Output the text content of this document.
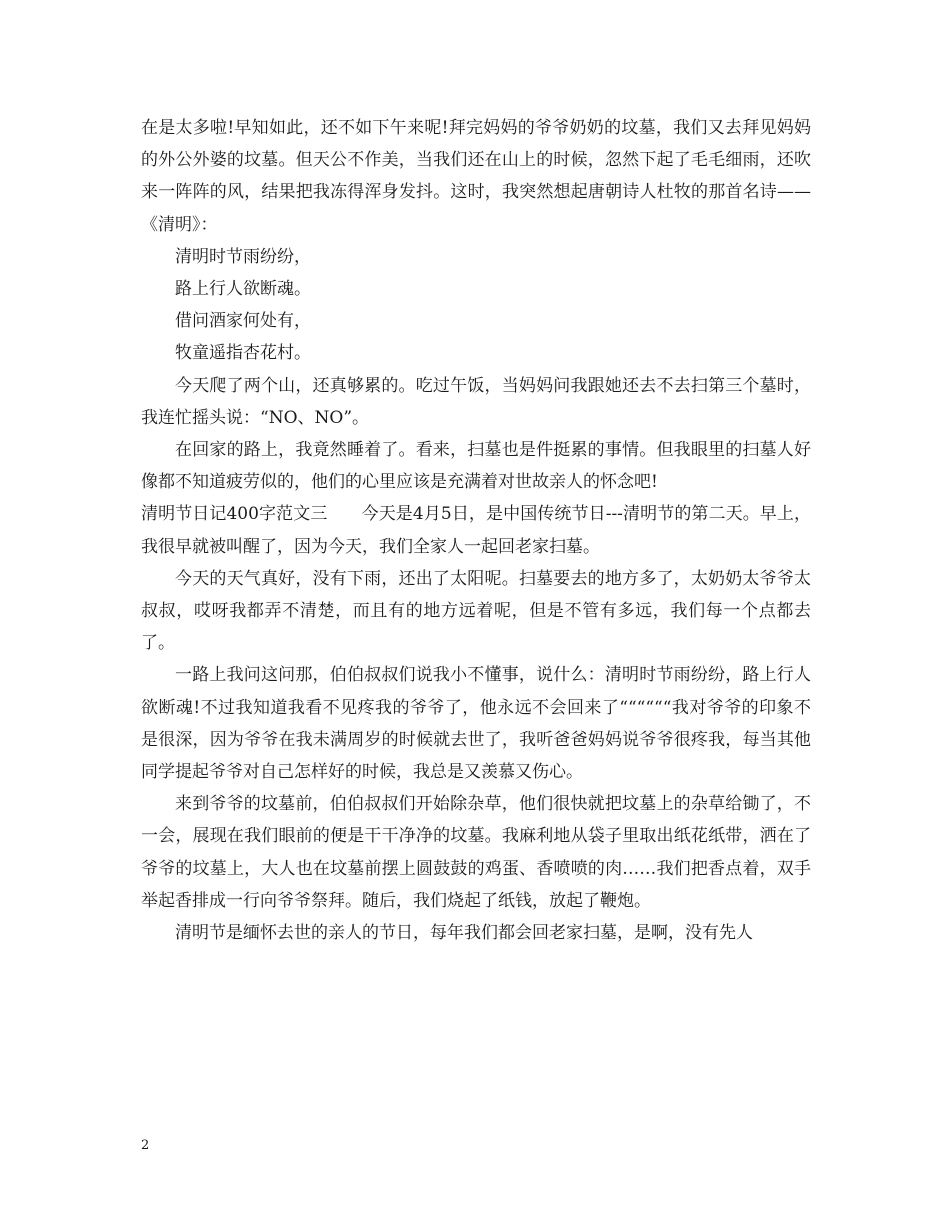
在是太多啦!早知如此，还不如下午来呢!拜完妈妈的爷爷奶奶的坟墓，我们又去拜见妈妈的外公外婆的坟墓。但天公不作美，当我们还在山上的时候，忽然下起了毛毛细雨，还吹来一阵阵的风，结果把我冻得浑身发抖。这时，我突然想起唐朝诗人杜牧的那首名诗——《清明》：

清明时节雨纷纷，

路上行人欲断魂。

借问酒家何处有，

牧童遥指杏花村。

今天爬了两个山，还真够累的。吃过午饭，当妈妈问我跟她还去不去扫第三个墓时，我连忙摇头说：“NO、NO”。

在回家的路上，我竟然睡着了。看来，扫墓也是件挺累的事情。但我眼里的扫墓人好像都不知道疲劳似的，他们的心里应该是充满着对世故亲人的怀念吧!

清明节日记400字范文三　　今天是4月5日，是中国传统节日---清明节的第二天。早上，我很早就被叫醒了，因为今天，我们全家人一起回老家扫墓。

今天的天气真好，没有下雨，还出了太阳呢。扫墓要去的地方多了，太奶奶太爷爷太叔叔，哎呀我都弄不清楚，而且有的地方远着呢，但是不管有多远，我们每一个点都去了。

一路上我问这问那，伯伯叔叔们说我小不懂事，说什么：清明时节雨纷纷，路上行人欲断魂!不过我知道我看不见疼我的爷爷了，他永远不会回来了““““““我对爷爷的印象不是很深，因为爷爷在我未满周岁的时候就去世了，我听爸爸妈妈说爷爷很疼我，每当其他同学提起爷爷对自己怎样好的时候，我总是又羡慕又伤心。

来到爷爷的坟墓前，伯伯叔叔们开始除杂草，他们很快就把坟墓上的杂草给锄了，不一会，展现在我们眼前的便是干干净净的坟墓。我麻利地从袋子里取出纸花纸带，洒在了爷爷的坟墓上，大人也在坟墓前摆上圆鼓鼓的鸡蛋、香喷喷的肉……我们把香点着，双手举起香排成一行向爷爷祭拜。随后，我们烧起了纸钱，放起了鞭炮。

清明节是缅怀去世的亲人的节日，每年我们都会回老家扫墓，是啊，没有先人

2
